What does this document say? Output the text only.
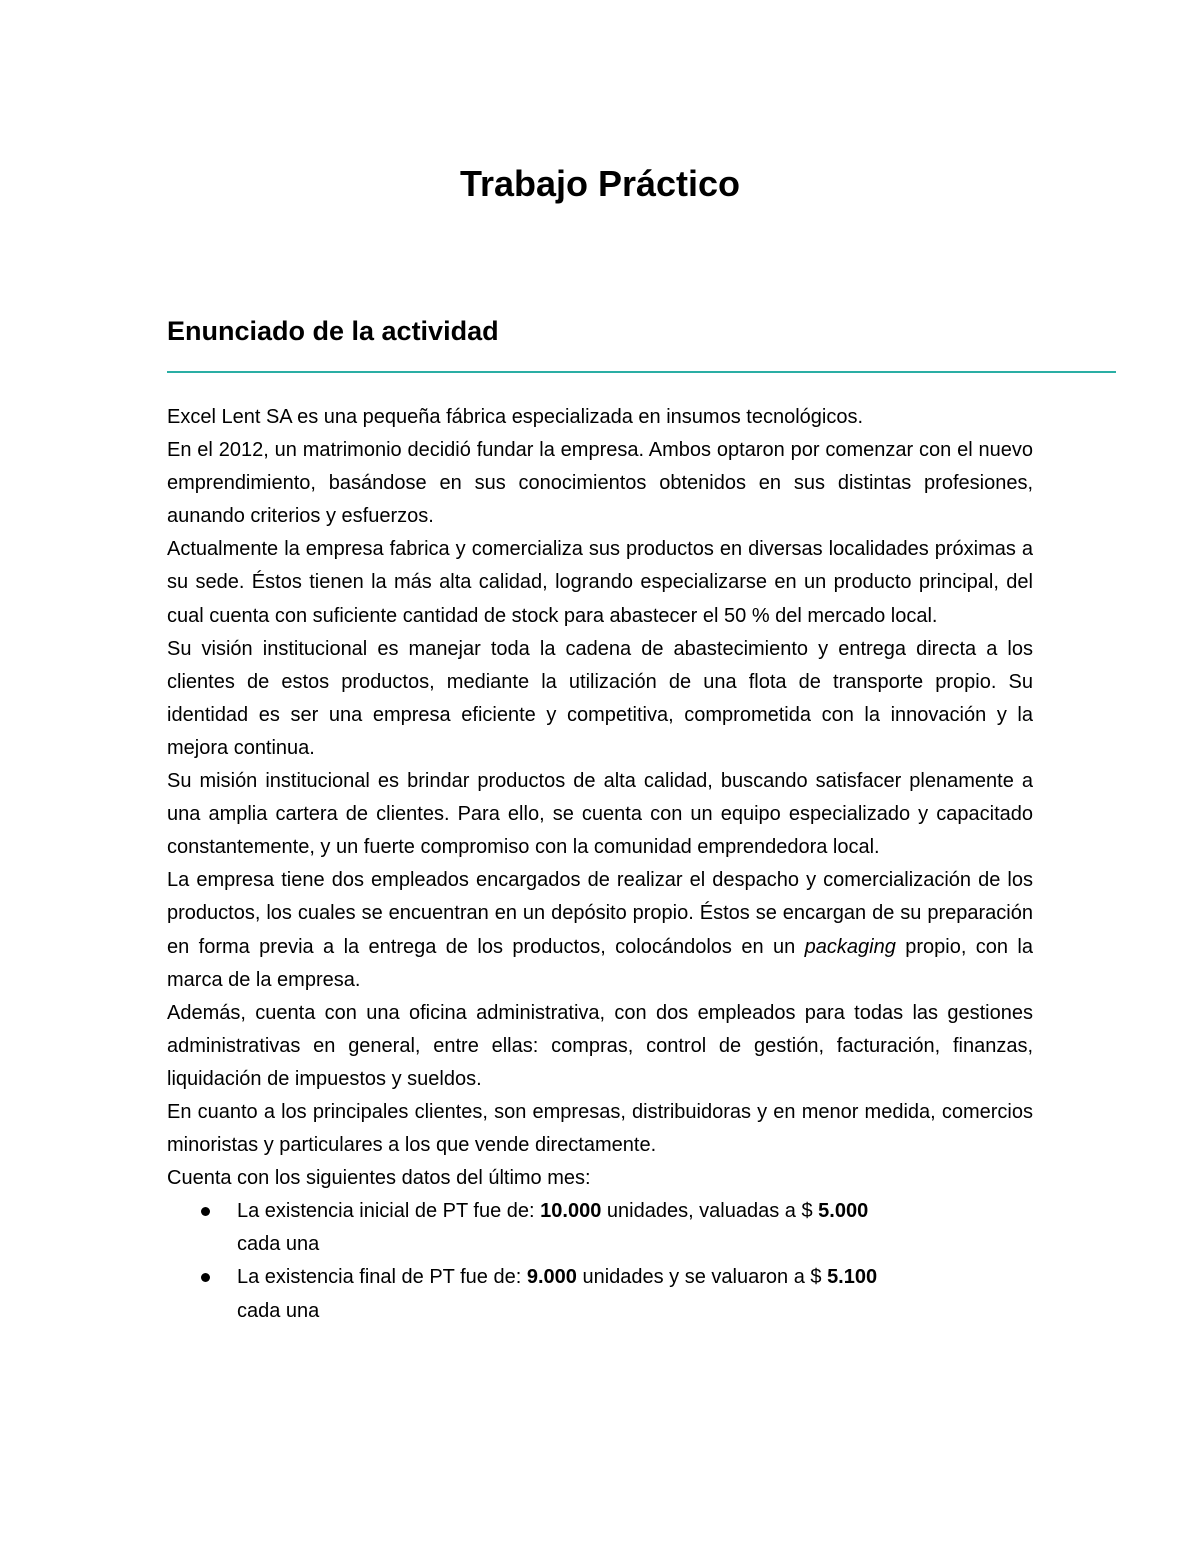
Trabajo Práctico
Enunciado de la actividad

Excel Lent SA es una pequeña fábrica especializada en insumos tecnológicos.

En el 2012, un matrimonio decidió fundar la empresa. Ambos optaron por comenzar con el nuevo emprendimiento, basándose en sus conocimientos obtenidos en sus distintas profesiones, aunando criterios y esfuerzos.

Actualmente la empresa fabrica y comercializa sus productos en diversas localidades próximas a su sede. Éstos tienen la más alta calidad, logrando especializarse en un producto principal, del cual cuenta con suficiente cantidad de stock para abastecer el 50 % del mercado local.

Su visión institucional es manejar toda la cadena de abastecimiento y entrega directa a los clientes de estos productos, mediante la utilización de una flota de transporte propio. Su identidad es ser una empresa eficiente y competitiva, comprometida con la innovación y la mejora continua.

Su misión institucional es brindar productos de alta calidad, buscando satisfacer plenamente a una amplia cartera de clientes. Para ello, se cuenta con un equipo especializado y capacitado constantemente, y un fuerte compromiso con la comunidad emprendedora local.

La empresa tiene dos empleados encargados de realizar el despacho y comercialización de los productos, los cuales se encuentran en un depósito propio. Éstos se encargan de su preparación en forma previa a la entrega de los productos, colocándolos en un packaging propio, con la marca de la empresa.

Además, cuenta con una oficina administrativa, con dos empleados para todas las gestiones administrativas en general, entre ellas: compras, control de gestión, facturación, finanzas, liquidación de impuestos y sueldos.

En cuanto a los principales clientes, son empresas, distribuidoras y en menor medida, comercios minoristas y particulares a los que vende directamente.

Cuenta con los siguientes datos del último mes:

La existencia inicial de PT fue de: 10.000 unidades, valuadas a $ 5.000 cada una
La existencia final de PT fue de: 9.000 unidades y se valuaron a $ 5.100 cada una
